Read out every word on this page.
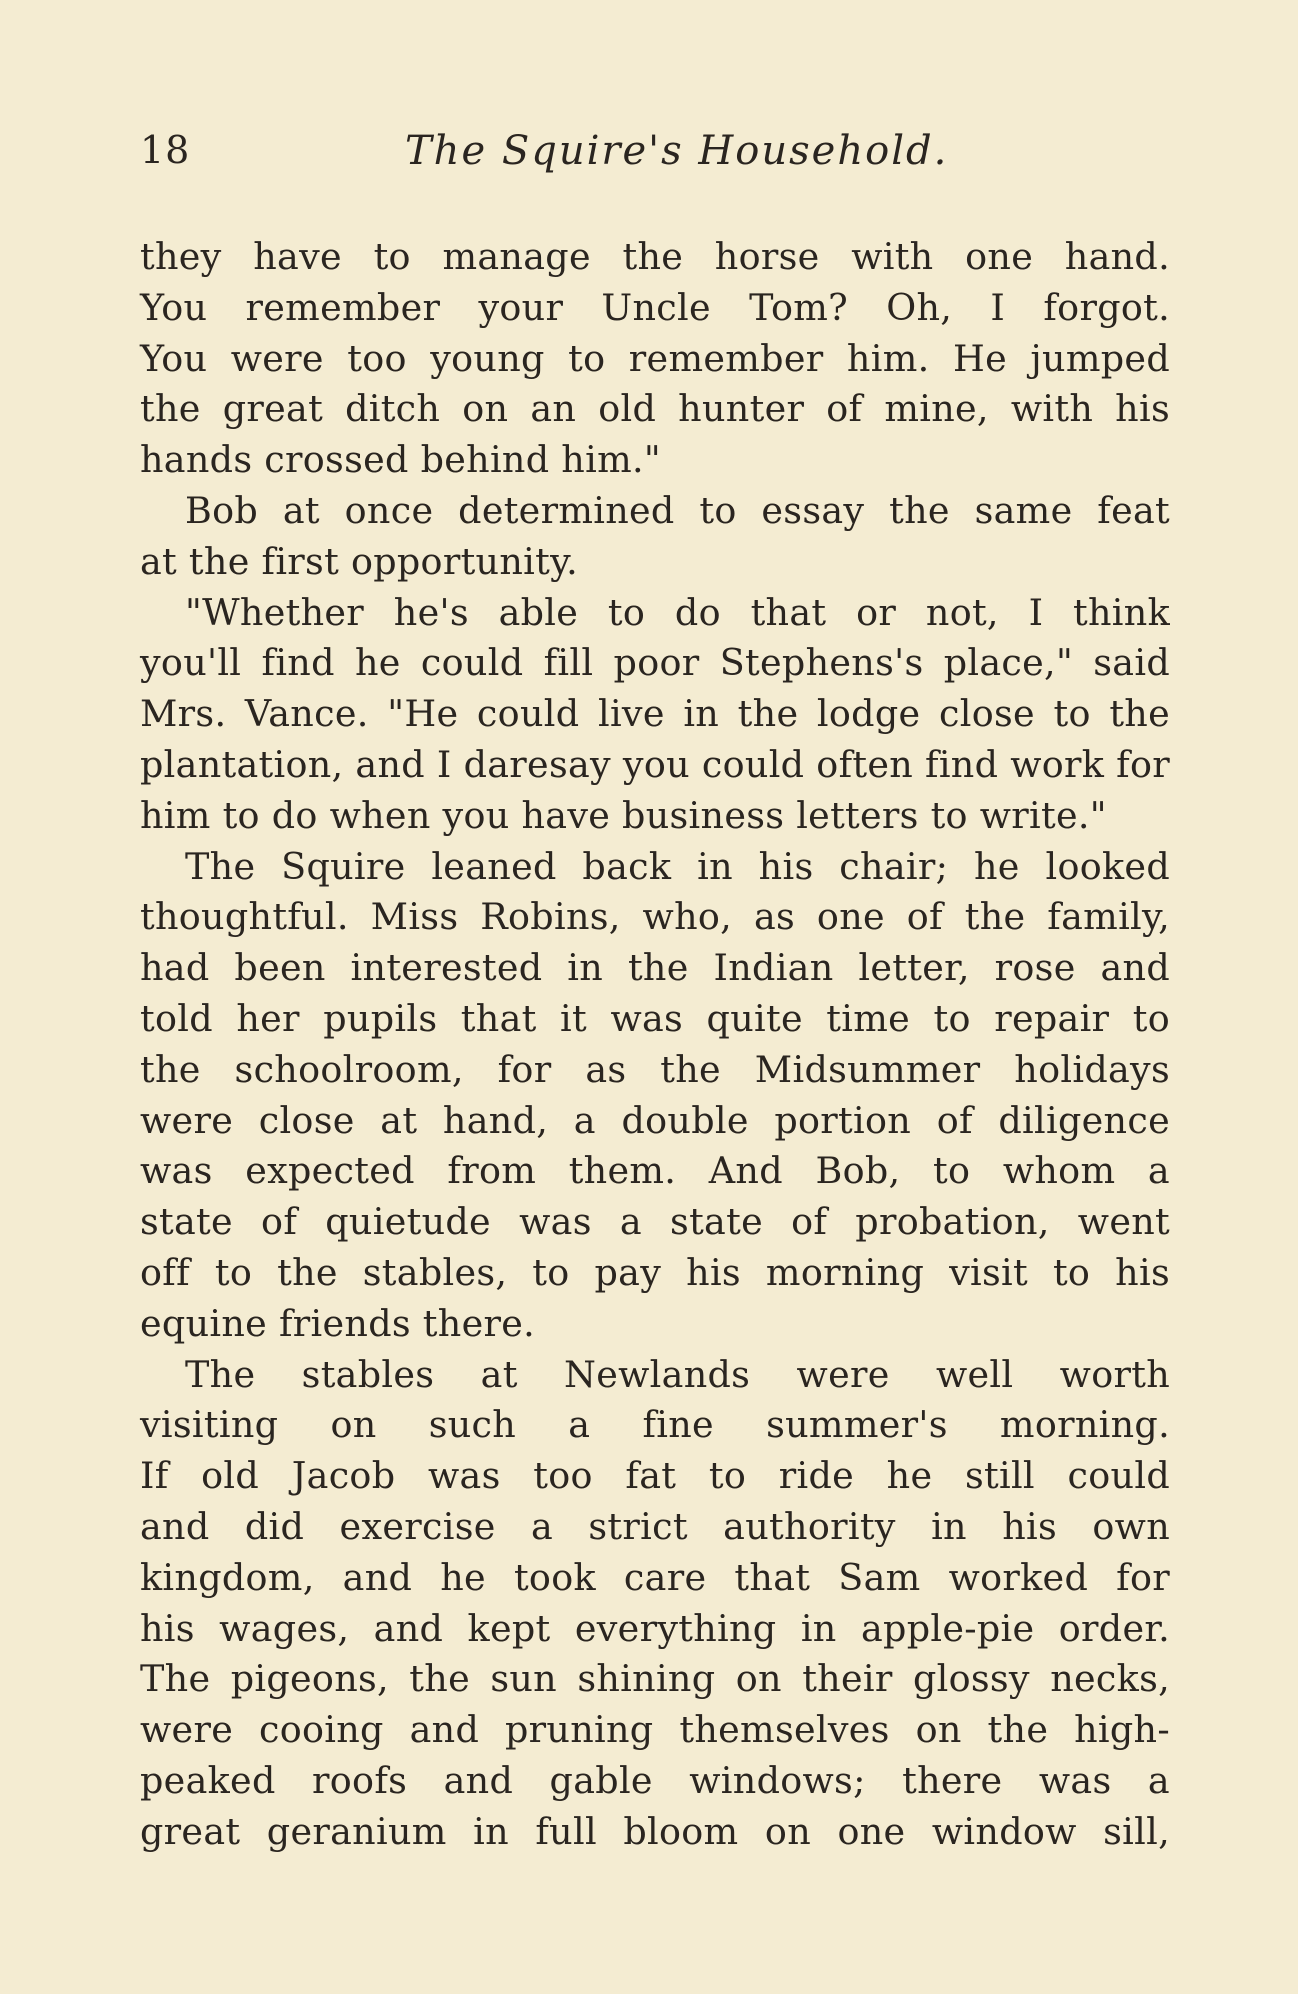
18	The Squire's Household.
they have to manage the horse with one hand.
You remember your Uncle Tom? Oh, I forgot.
You were too young to remember him. He jumped
the great ditch on an old hunter of mine, with his
hands crossed behind him."
Bob at once determined to essay the same feat
at the first opportunity.
"Whether he's able to do that or not, I think
you'll find he could fill poor Stephens's place," said
Mrs. Vance. "He could live in the lodge close to the
plantation, and I daresay you could often find work for
him to do when you have business letters to write."
The Squire leaned back in his chair; he looked
thoughtful. Miss Robins, who, as one of the family,
had been interested in the Indian letter, rose and
told her pupils that it was quite time to repair to
the schoolroom, for as the Midsummer holidays
were close at hand, a double portion of diligence
was expected from them. And Bob, to whom a
state of quietude was a state of probation, went
off to the stables, to pay his morning visit to his
equine friends there.
The stables at Newlands were well worth
visiting on such a fine summer's morning.
If old Jacob was too fat to ride he still could
and did exercise a strict authority in his own
kingdom, and he took care that Sam worked for
his wages, and kept everything in apple-pie order.
The pigeons, the sun shining on their glossy necks,
were cooing and pruning themselves on the high-
peaked roofs and gable windows; there was a
great geranium in full bloom on one window sill,
